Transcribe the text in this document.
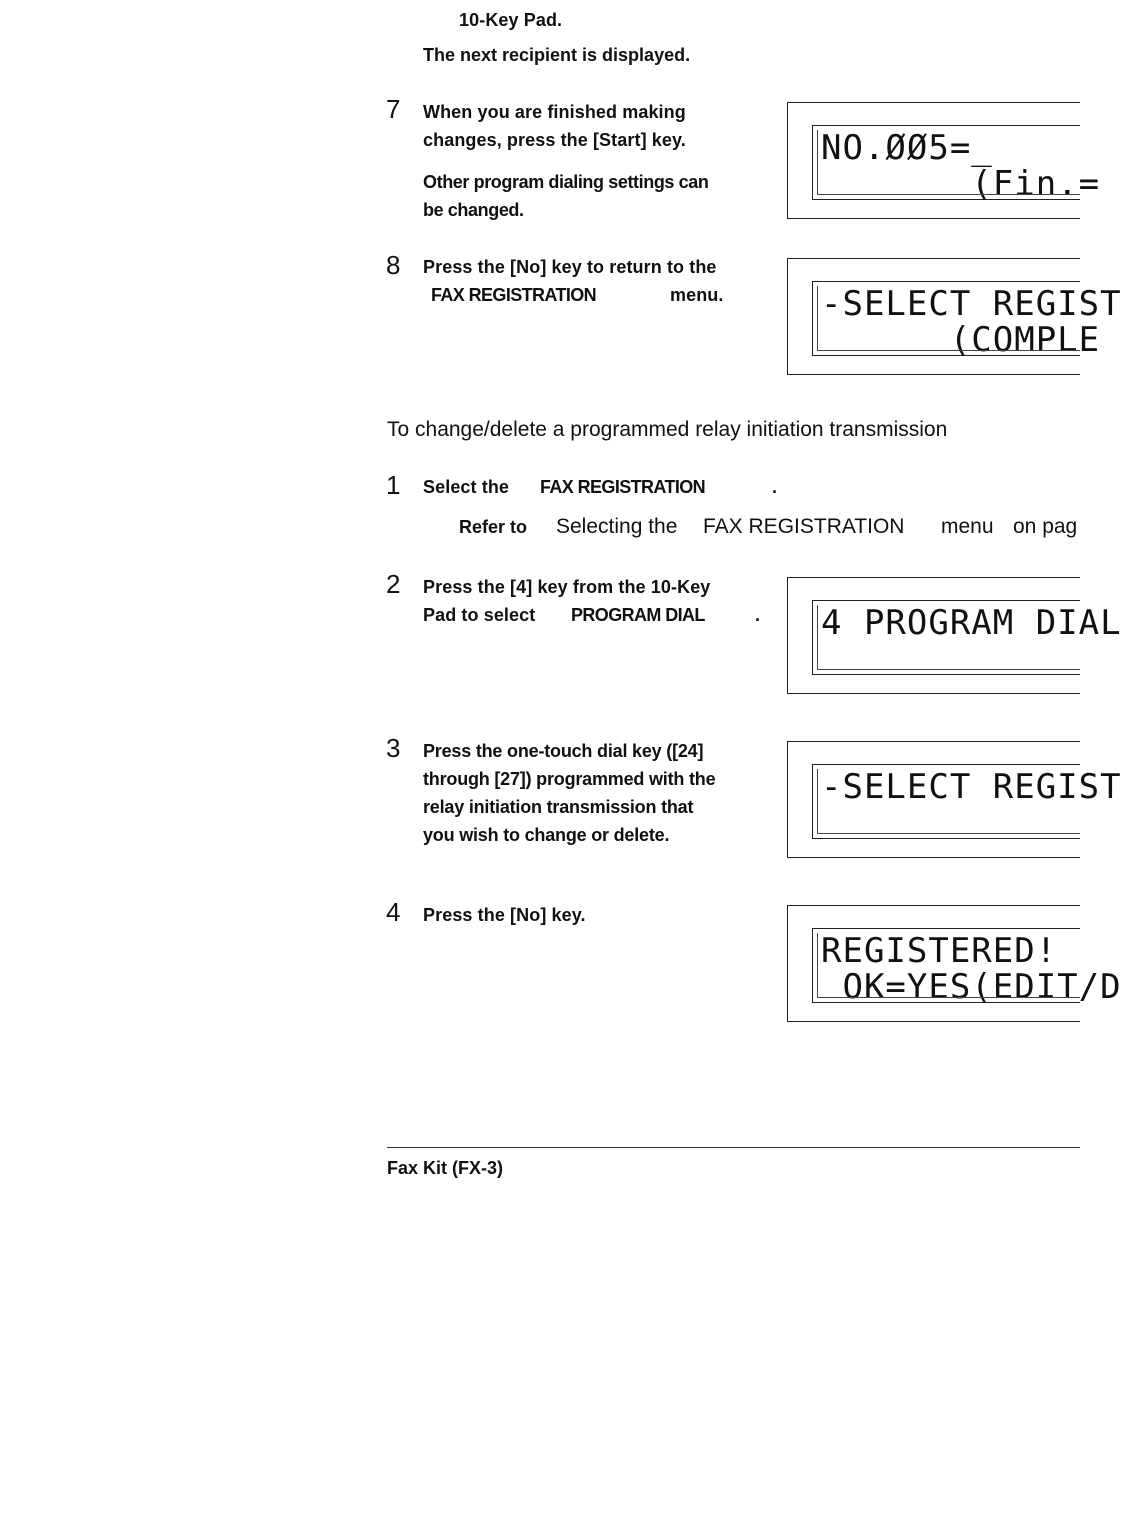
10-Key Pad.
The next recipient is displayed.
7 When you are finished making
changes, press the [Start] key.
Other program dialing settings can
be changed.
8 Press the [No] key to return to the
FAX REGISTRATION	menu.
To change/delete a programmed relay initiation transmission
1 Select the FAX REGISTRATION	.
Refer to Selecting the FAX REGISTRATION menu on pag
2 Press the [4] key from the 10-Key
Pad to select PROGRAM DIAL	.
3 Press the one-touch dial key ([24]
through [27]) programmed with the
relay initiation transmission that
you wish to change or delete.
4 Press the [No] key.
NO.ØØ5=_
(Fin.=
-SELECT REGIST
(COMPLE
4 PROGRAM DIAL
-SELECT REGIST
REGISTERED!
OK=YES(EDIT/D
Fax Kit (FX-3)
